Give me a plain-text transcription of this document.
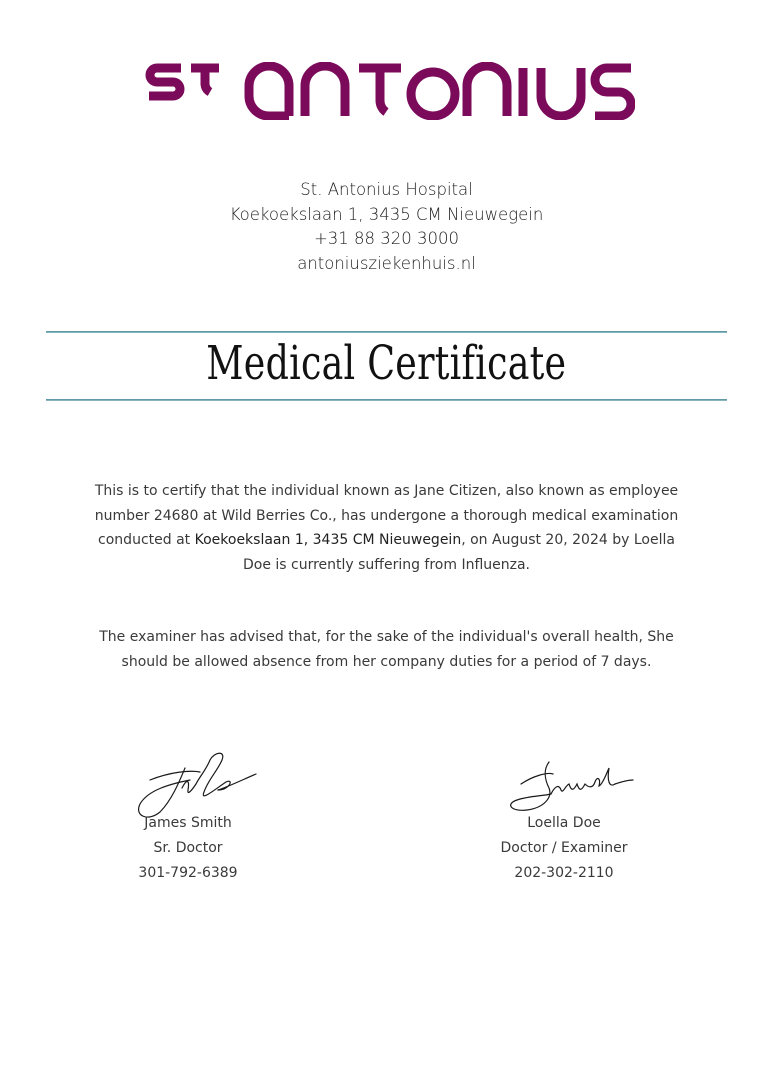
St. Antonius Hospital
Koekoekslaan 1, 3435 CM Nieuwegein
+31 88 320 3000
antoniusziekenhuis.nl
Medical Certificate
This is to certify that the individual known as Jane Citizen, also known as employee number 24680 at Wild Berries Co., has undergone a thorough medical examination conducted at Koekoekslaan 1, 3435 CM Nieuwegein, on August 20, 2024 by Loella Doe is currently suffering from Influenza.
The examiner has advised that, for the sake of the individual's overall health, She should be allowed absence from her company duties for a period of 7 days.
James Smith
Sr. Doctor
301-792-6389
Loella Doe
Doctor / Examiner
202-302-2110
